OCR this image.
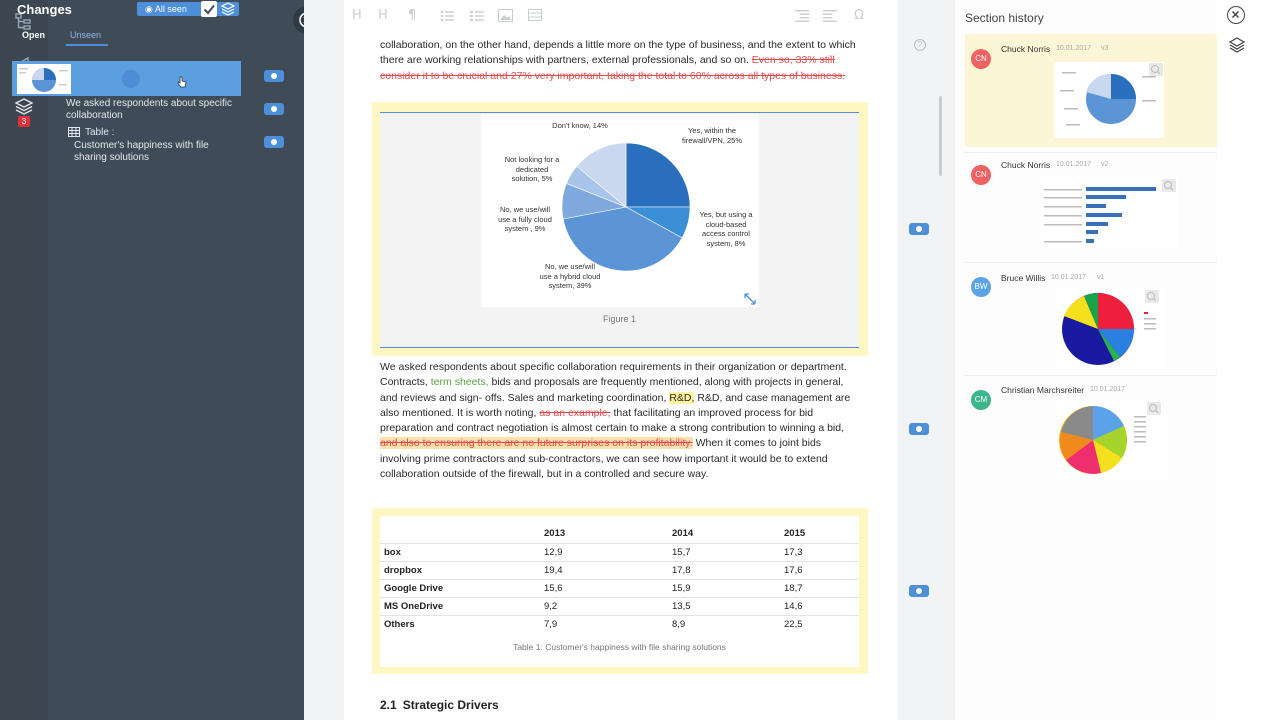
3
Changes	◉ All seen
Open	Unseen
We asked respondents about specific collaboration
Table :
Customer's happiness with file sharing solutions
H H ¶	Ω
?
collaboration, on the other hand, depends a little more on the type of business, and the extent to which there are working relationships with partners, external professionals, and so on. Even so, 33% still consider it to be crucial and 27% very important, taking the total to 60% across all types of business.
Don't know, 14%
Not looking for a dedicated solution, 5%
No, we use/will use a fully cloud system , 9%
No, we use/will use a hybrid cloud system, 39%
Yes, but using a cloud-based access control system, 8%
Yes, within the firewall/VPN, 25%
Figure 1
We asked respondents about specific collaboration requirements in their organization or department. Contracts, term sheets, bids and proposals are frequently mentioned, along with projects in general, and reviews and sign- offs. Sales and marketing coordination, R&D, R&D, and case management are also mentioned. It is worth noting, as an example, that facilitating an improved process for bid preparation and contract negotiation is almost certain to make a strong contribution to winning a bid, and also to ensuring there are no future surprises on its profitability. When it comes to joint bids involving prime contractors and sub-contractors, we can see how important it would be to extend collaboration outside of the firewall, but in a controlled and secure way.
2013	2014	2015
box	12,9	15,7	17,3
dropbox	19,4	17,8	17,6
Google Drive	15,6	15,9	18,7
MS OneDrive	9,2	13,5	14,6
Others	7,9	8,9	22,5
Table 1: Customer's happiness with file sharing solutions
2.1 Strategic Drivers
Section history
CN
Chuck Norris 10.01.2017 v3
CN
Chuck Norris 10.01.2017 v2
BW
Bruce Willis 10.01.2017 v1
CM
Christian Marchsreiter 10.01.2017
